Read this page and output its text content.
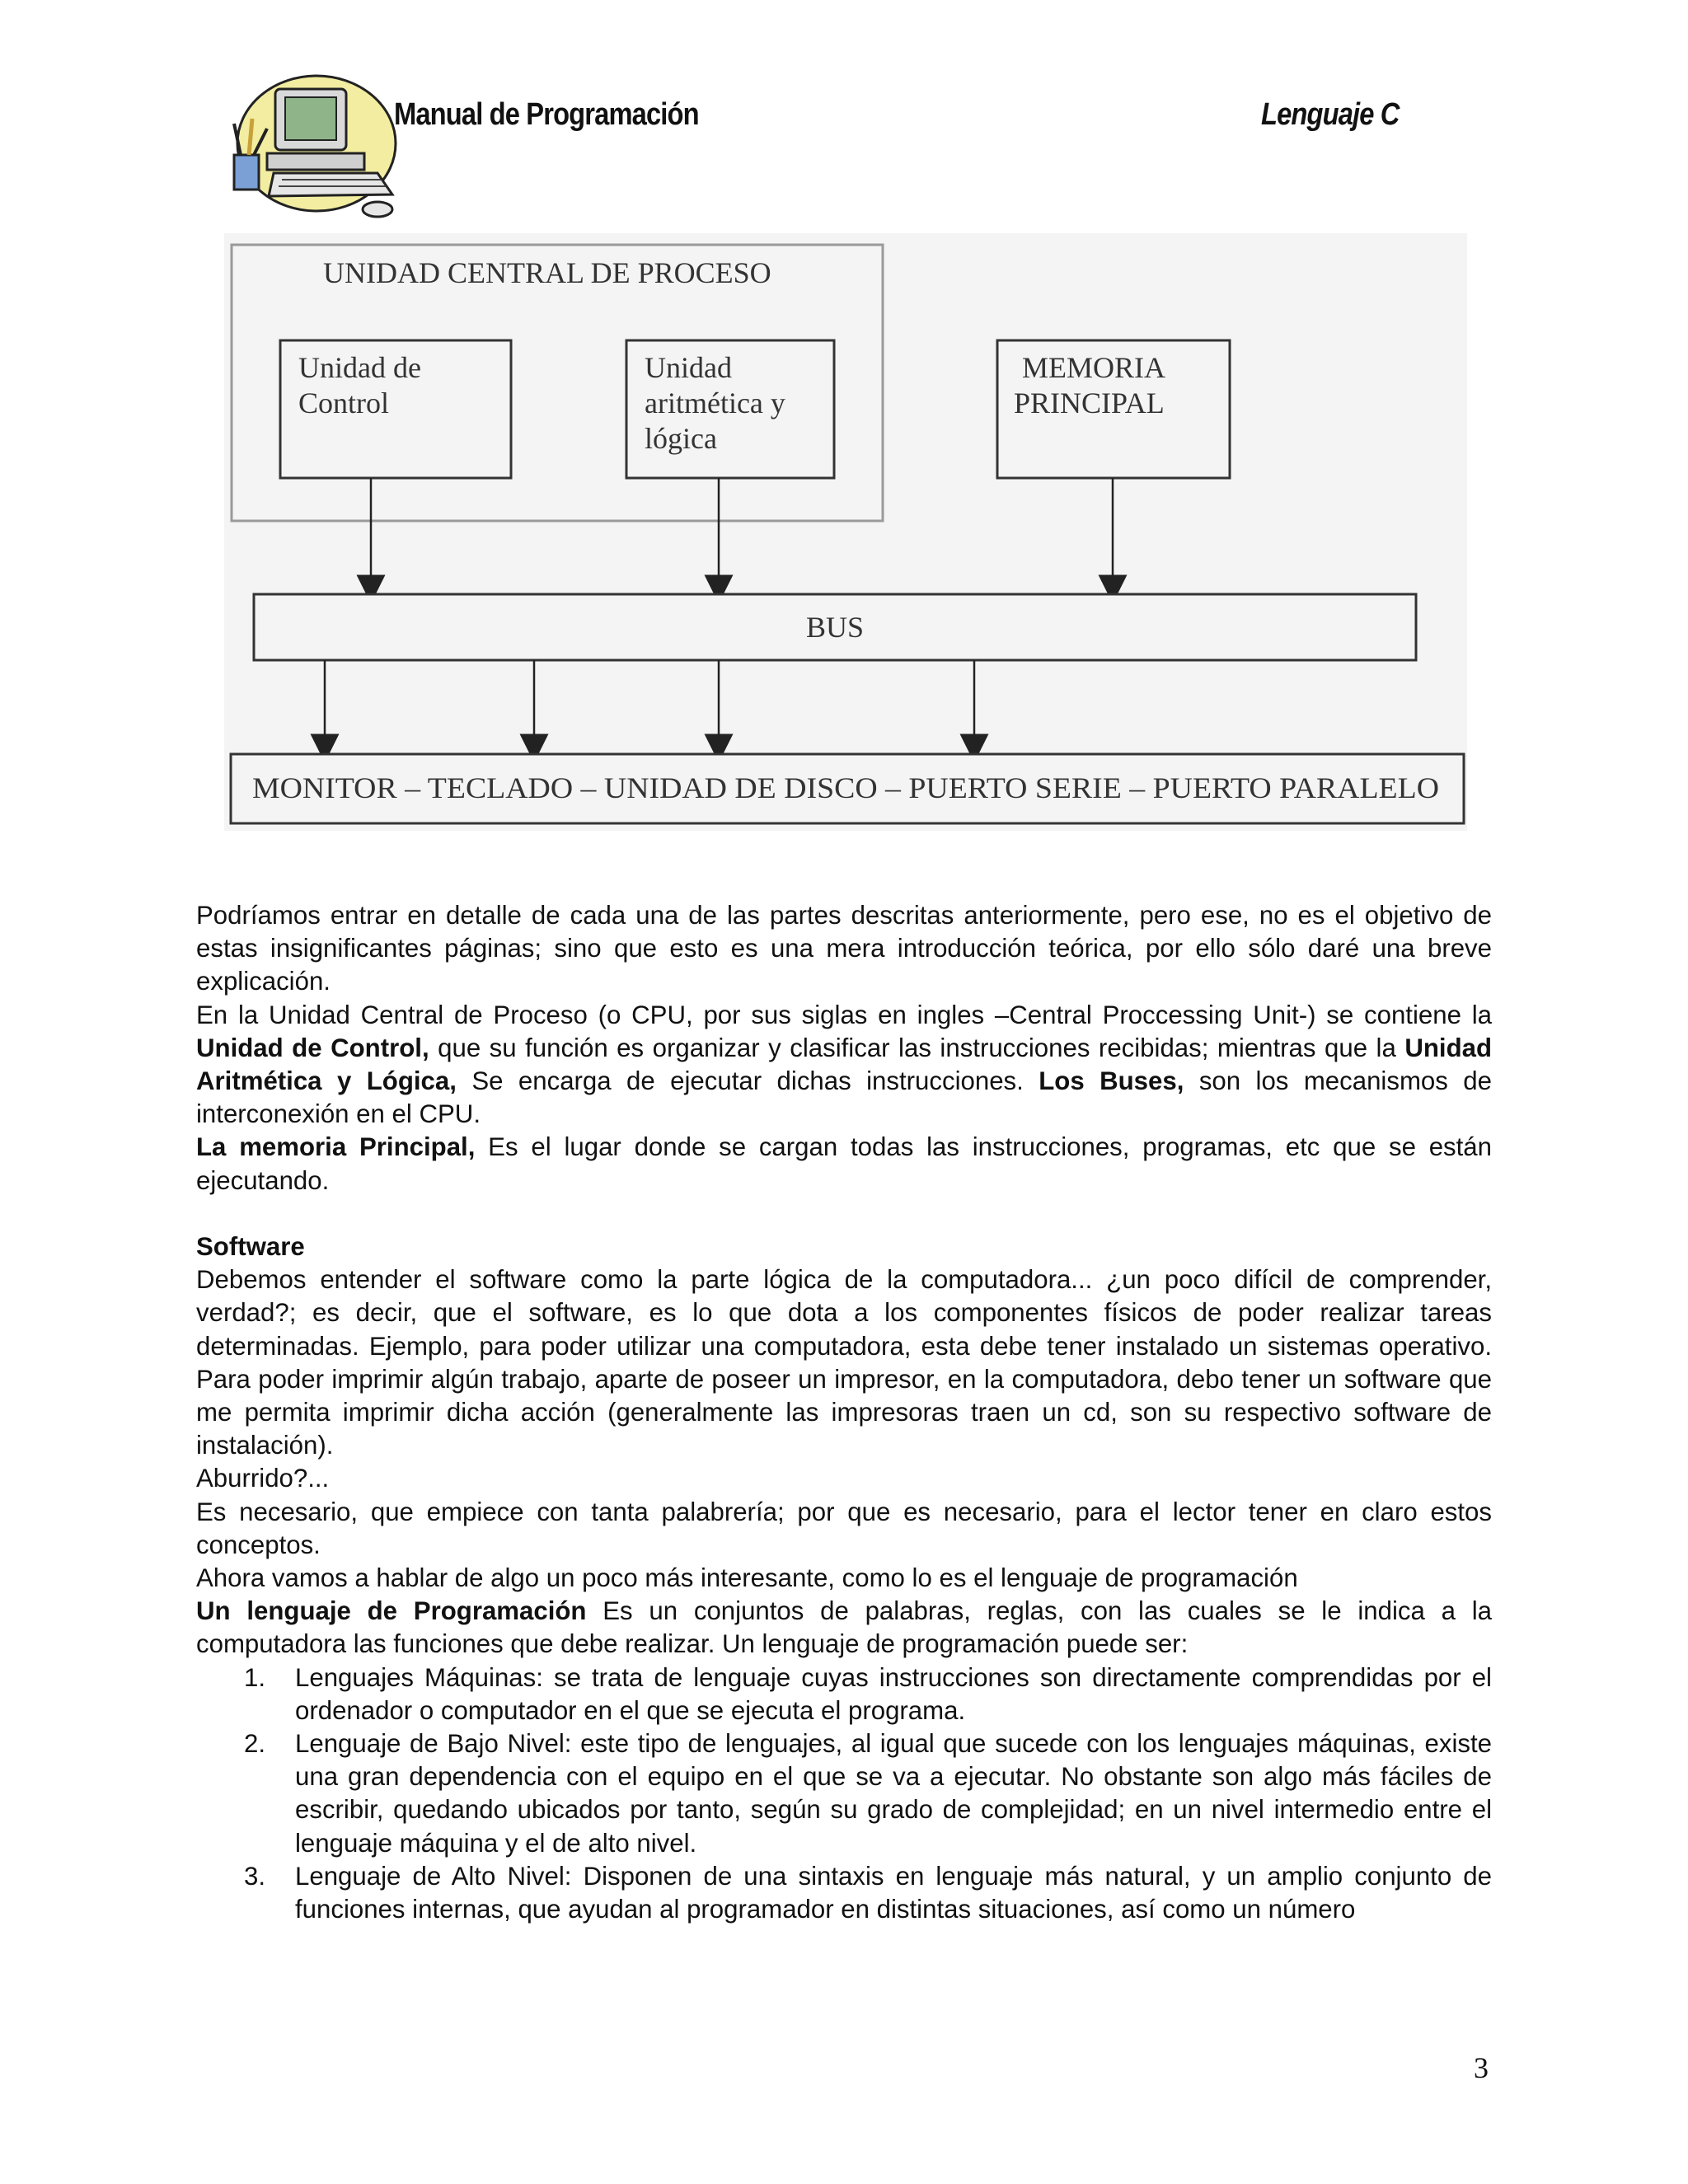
Manual de Programación	Lenguaje C
UNIDAD CENTRAL DE PROCESO
Unidad de
Control
Unidad
aritmética y
lógica
MEMORIA
PRINCIPAL
BUS
MONITOR – TECLADO – UNIDAD DE DISCO – PUERTO SERIE – PUERTO PARALELO

Podríamos entrar en detalle de cada una de las partes descritas anteriormente, pero ese, no es el objetivo de estas insignificantes páginas; sino que esto es una mera introducción teórica, por ello sólo daré una breve explicación.

En la Unidad Central de Proceso (o CPU, por sus siglas en ingles –Central Proccessing Unit-) se contiene la Unidad de Control, que su función es organizar y clasificar las instrucciones recibidas; mientras que la Unidad Aritmética y Lógica, Se encarga de ejecutar dichas instrucciones. Los Buses, son los mecanismos de interconexión en el CPU.

La memoria Principal, Es el lugar donde se cargan todas las instrucciones, programas, etc que se están ejecutando.

Software

Debemos entender el software como la parte lógica de la computadora... ¿un poco difícil de comprender, verdad?; es decir, que el software, es lo que dota a los componentes físicos de poder realizar tareas determinadas. Ejemplo, para poder utilizar una computadora, esta debe tener instalado un sistemas operativo. Para poder imprimir algún trabajo, aparte de poseer un impresor, en la computadora, debo tener un software que me permita imprimir dicha acción (generalmente las impresoras traen un cd, son su respectivo software de instalación).

Aburrido?...

Es necesario, que empiece con tanta palabrería; por que es necesario, para el lector tener en claro estos conceptos.

Ahora vamos a hablar de algo un poco más interesante, como lo es el lenguaje de programación

Un lenguaje de Programación Es un conjuntos de palabras, reglas, con las cuales se le indica a la computadora las funciones que debe realizar. Un lenguaje de programación puede ser:

1. Lenguajes Máquinas: se trata de lenguaje cuyas instrucciones son directamente comprendidas por el ordenador o computador en el que se ejecuta el programa.
2. Lenguaje de Bajo Nivel: este tipo de lenguajes, al igual que sucede con los lenguajes máquinas, existe una gran dependencia con el equipo en el que se va a ejecutar. No obstante son algo más fáciles de escribir, quedando ubicados por tanto, según su grado de complejidad; en un nivel intermedio entre el lenguaje máquina y el de alto nivel.
3. Lenguaje de Alto Nivel: Disponen de una sintaxis en lenguaje más natural, y un amplio conjunto de funciones internas, que ayudan al programador en distintas situaciones, así como un número
3
